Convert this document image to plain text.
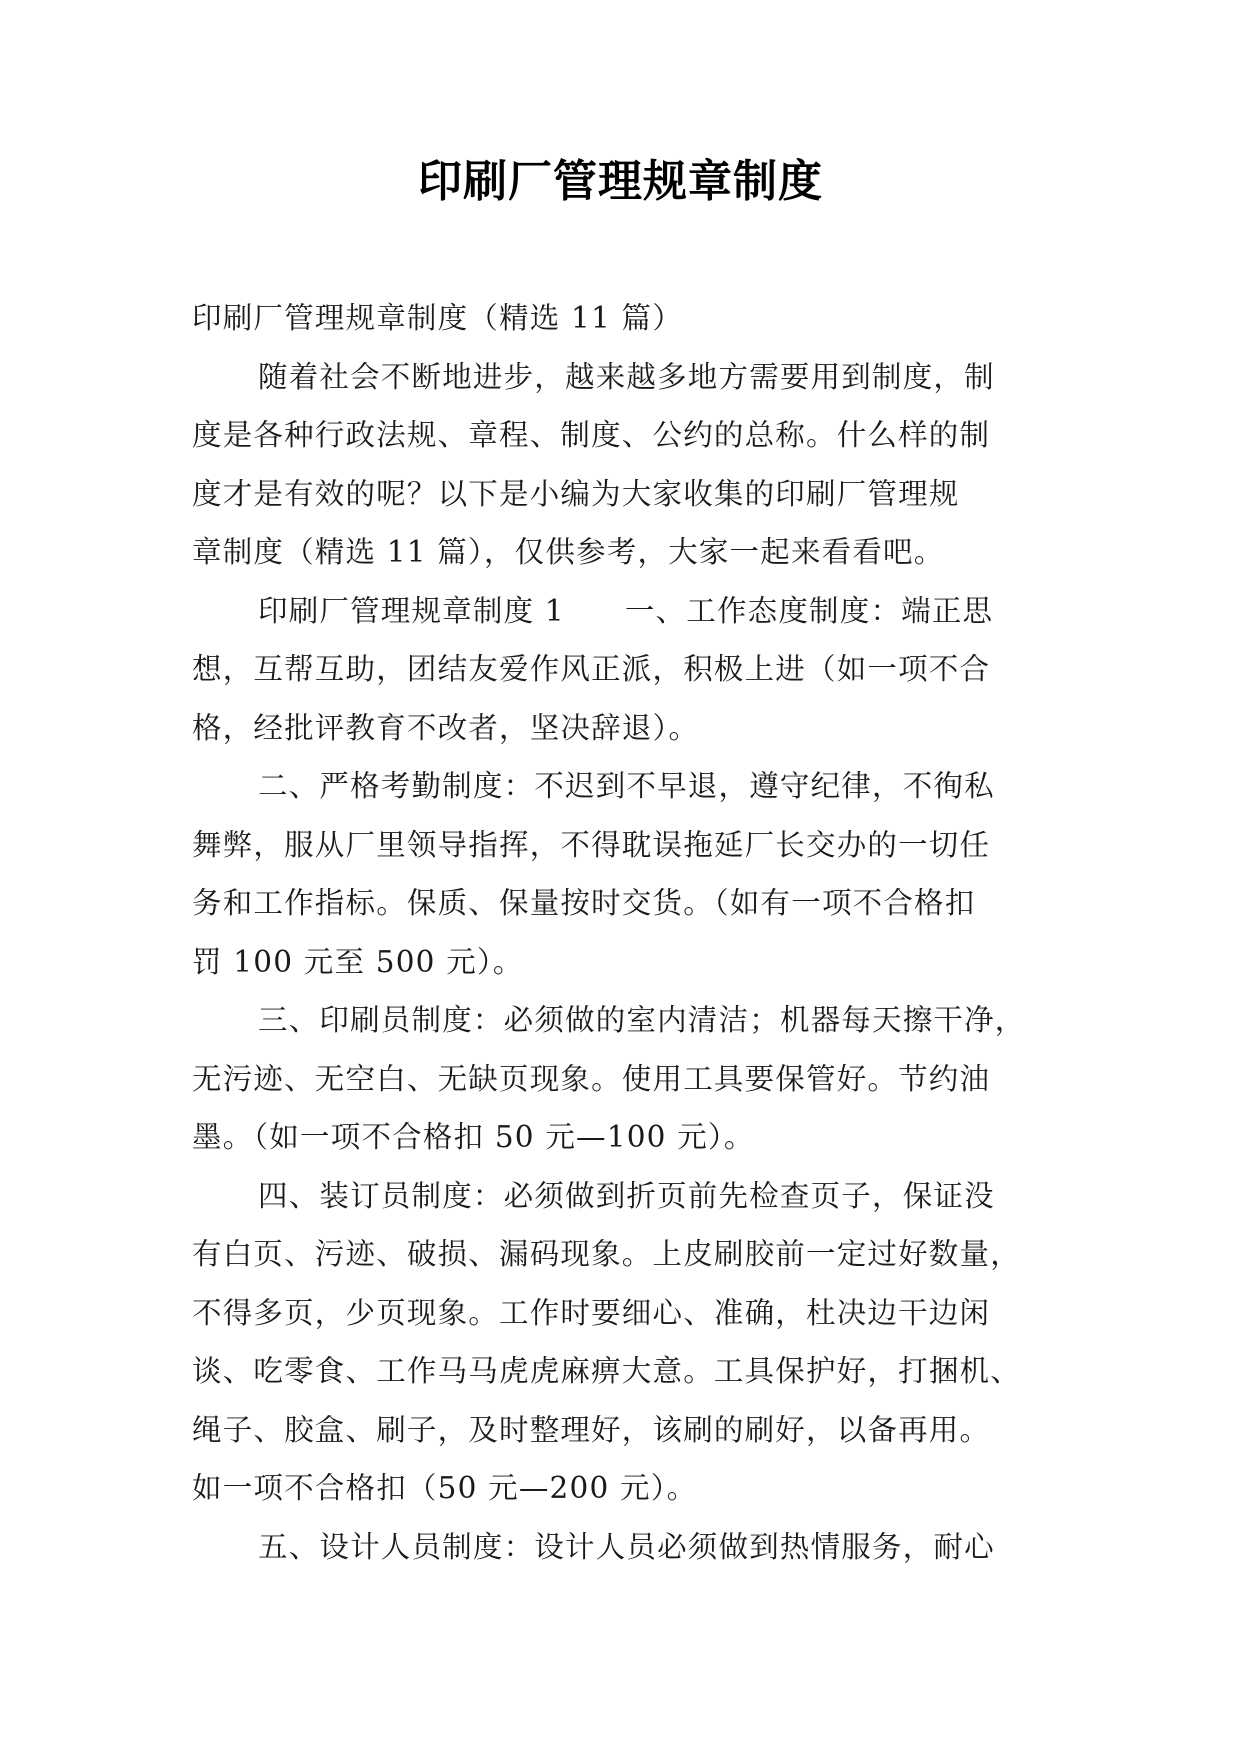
印刷厂管理规章制度
印刷厂管理规章制度（精选 11 篇）
随着社会不断地进步，越来越多地方需要用到制度，制
度是各种行政法规、章程、制度、公约的总称。什么样的制
度才是有效的呢？以下是小编为大家收集的印刷厂管理规
章制度（精选 11 篇），仅供参考，大家一起来看看吧。
印刷厂管理规章制度 1 一、工作态度制度：端正思
想，互帮互助，团结友爱作风正派，积极上进（如一项不合
格，经批评教育不改者，坚决辞退）。
二、严格考勤制度：不迟到不早退，遵守纪律，不徇私
舞弊，服从厂里领导指挥，不得耽误拖延厂长交办的一切任
务和工作指标。保质、保量按时交货。（如有一项不合格扣
罚 100 元至 500 元）。
三、印刷员制度：必须做的室内清洁；机器每天擦干净，
无污迹、无空白、无缺页现象。使用工具要保管好。节约油
墨。（如一项不合格扣 50 元—100 元）。
四、装订员制度：必须做到折页前先检查页子，保证没
有白页、污迹、破损、漏码现象。上皮刷胶前一定过好数量，
不得多页，少页现象。工作时要细心、准确，杜决边干边闲
谈、吃零食、工作马马虎虎麻痹大意。工具保护好，打捆机、
绳子、胶盒、刷子，及时整理好，该刷的刷好，以备再用。
如一项不合格扣（50 元—200 元）。
五、设计人员制度：设计人员必须做到热情服务，耐心
